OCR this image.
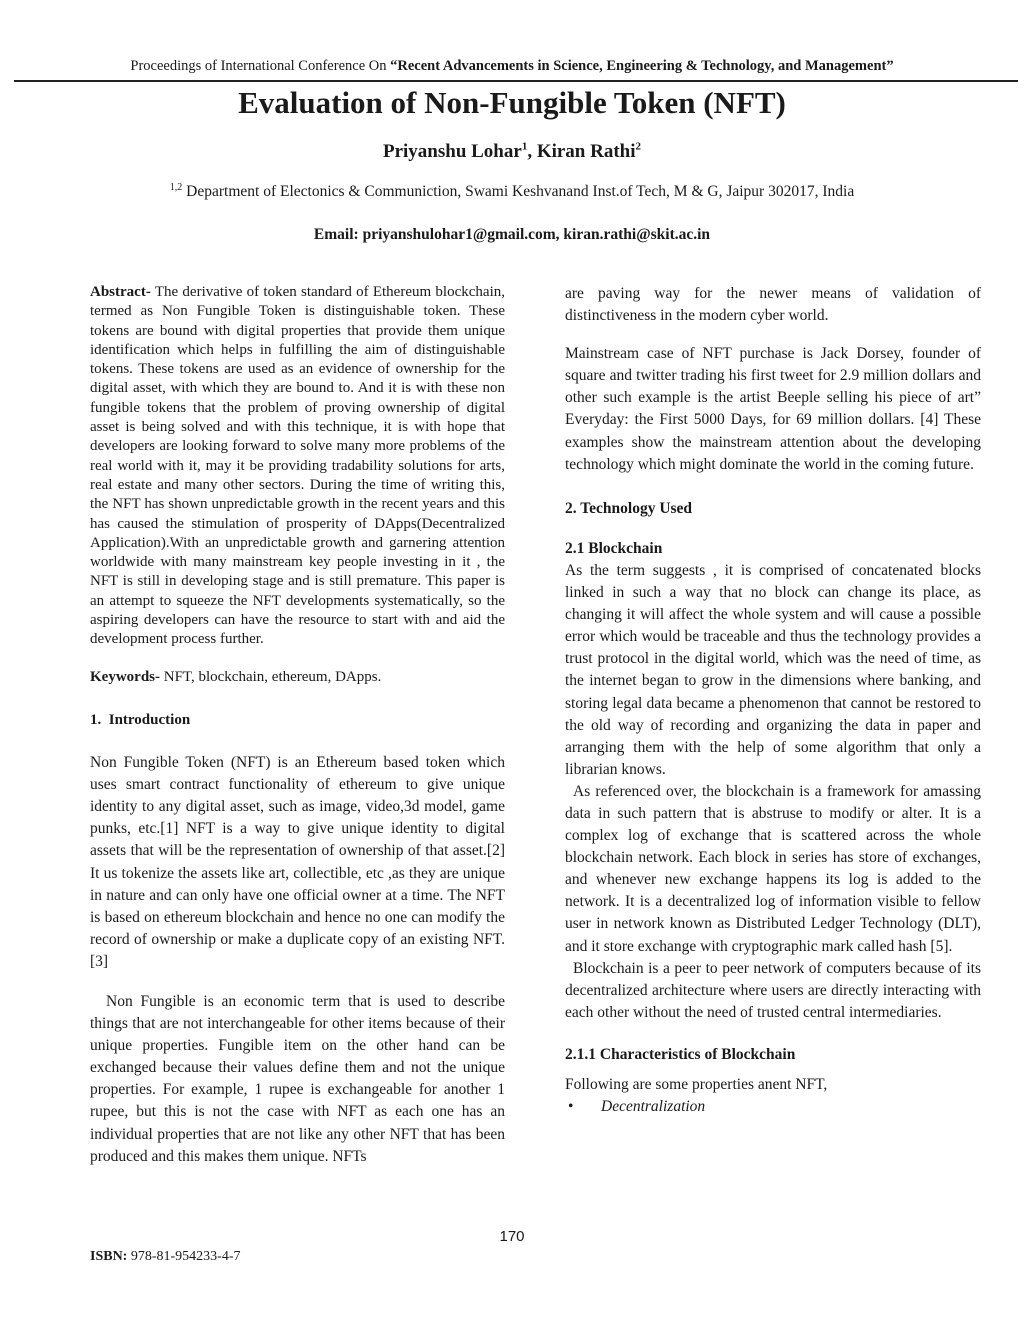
Proceedings of International Conference On “Recent Advancements in Science, Engineering & Technology, and Management”
Evaluation of Non-Fungible Token (NFT)
Priyanshu Lohar$^1$, Kiran Rathi$^2$
$^{1,2}$ Department of Electonics & Communiction, Swami Keshvanand Inst.of Tech, M & G, Jaipur 302017, India
Email: priyanshulohar1@gmail.com, kiran.rathi@skit.ac.in

Abstract- The derivative of token standard of Ethereum blockchain, termed as Non Fungible Token is distinguishable token. These tokens are bound with digital properties that provide them unique identification which helps in fulfilling the aim of distinguishable tokens. These tokens are used as an evidence of ownership for the digital asset, with which they are bound to. And it is with these non fungible tokens that the problem of proving ownership of digital asset is being solved and with this technique, it is with hope that developers are looking forward to solve many more problems of the real world with it, may it be providing tradability solutions for arts, real estate and many other sectors. During the time of writing this, the NFT has shown unpredictable growth in the recent years and this has caused the stimulation of prosperity of DApps(Decentralized Application).With an unpredictable growth and garnering attention worldwide with many mainstream key people investing in it , the NFT is still in developing stage and is still premature. This paper is an attempt to squeeze the NFT developments systematically, so the aspiring developers can have the resource to start with and aid the development process further.

Keywords- NFT, blockchain, ethereum, DApps.

1.  Introduction

Non Fungible Token (NFT) is an Ethereum based token which uses smart contract functionality of ethereum to give unique identity to any digital asset, such as image, video,3d model, game punks, etc.[1] NFT is a way to give unique identity to digital assets that will be the representation of ownership of that asset.[2] It us tokenize the assets like art, collectible, etc ,as they are unique in nature and can only have one official owner at a time. The NFT is based on ethereum blockchain and hence no one can modify the record of ownership or make a duplicate copy of an existing NFT.[3]

Non Fungible is an economic term that is used to describe things that are not interchangeable for other items because of their unique properties. Fungible item on the other hand can be exchanged because their values define them and not the unique properties. For example, 1 rupee is exchangeable for another 1 rupee, but this is not the case with NFT as each one has an individual properties that are not like any other NFT that has been produced and this makes them unique. NFTs

are paving way for the newer means of validation of distinctiveness in the modern cyber world.

Mainstream case of NFT purchase is Jack Dorsey, founder of square and twitter trading his first tweet for 2.9 million dollars and other such example is the artist Beeple selling his piece of art” Everyday: the First 5000 Days, for 69 million dollars. [4] These examples show the mainstream attention about the developing technology which might dominate the world in the coming future.

2. Technology Used

2.1 Blockchain

As the term suggests , it is comprised of concatenated blocks linked in such a way that no block can change its place, as changing it will affect the whole system and will cause a possible error which would be traceable and thus the technology provides a trust protocol in the digital world, which was the need of time, as the internet began to grow in the dimensions where banking, and storing legal data became a phenomenon that cannot be restored to the old way of recording and organizing the data in paper and arranging them with the help of some algorithm that only a librarian knows.

As referenced over, the blockchain is a framework for amassing data in such pattern that is abstruse to modify or alter. It is a complex log of exchange that is scattered across the whole blockchain network. Each block in series has store of exchanges, and whenever new exchange happens its log is added to the network. It is a decentralized log of information visible to fellow user in network known as Distributed Ledger Technology (DLT), and it store exchange with cryptographic mark called hash [5].

Blockchain is a peer to peer network of computers because of its decentralized architecture where users are directly interacting with each other without the need of trusted central intermediaries.

2.1.1 Characteristics of Blockchain

Following are some properties anent NFT,

• Decentralization

170
ISBN: 978-81-954233-4-7
